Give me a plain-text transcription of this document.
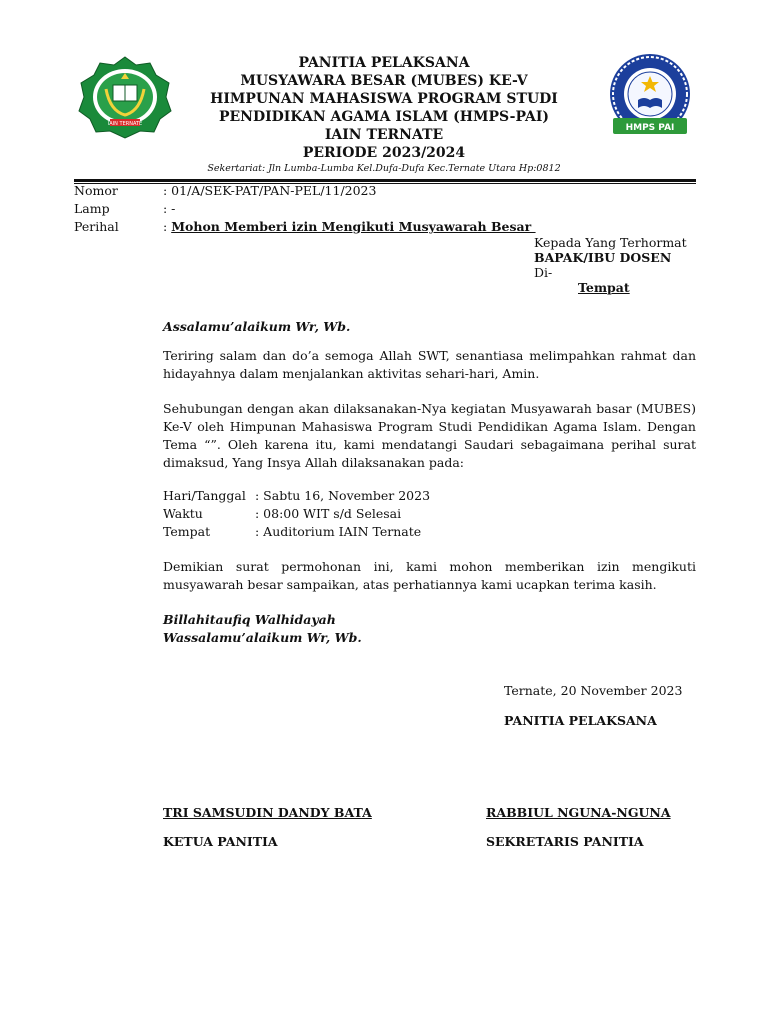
IAIN TERNATE	HMPS PAI
PANITIA PELAKSANA
MUSYAWARA BESAR (MUBES) KE-V
HIMPUNAN MAHASISWA PROGRAM STUDI
PENDIDIKAN AGAMA ISLAM (HMPS-PAI)
IAIN TERNATE
PERIODE 2023/2024
Sekertariat: Jln Lumba-Lumba Kel.Dufa-Dufa Kec.Ternate Utara Hp:0812
Nomor	: 01/A/SEK-PAT/PAN-PEL/11/2023
Lamp	: -
Perihal	: Mohon Memberi izin Mengikuti Musyawarah Besar
Kepada Yang Terhormat
BAPAK/IBU DOSEN
Di-
Tempat
Assalamu’alaikum Wr, Wb.
Teriring salam dan do’a semoga Allah SWT, senantiasa melimpahkan rahmat dan hidayahnya dalam menjalankan aktivitas sehari-hari, Amin.
Sehubungan dengan akan dilaksanakan-Nya kegiatan Musyawarah basar (MUBES) Ke-V oleh Himpunan Mahasiswa Program Studi Pendidikan Agama Islam. Dengan Tema “”. Oleh karena itu, kami mendatangi Saudari sebagaimana perihal surat dimaksud, Yang Insya Allah dilaksanakan pada:
Hari/Tanggal : Sabtu 16, November 2023
Waktu	: 08:00 WIT s/d Selesai
Tempat	: Auditorium IAIN Ternate
Demikian surat permohonan ini, kami mohon memberikan izin mengikuti musyawarah besar sampaikan, atas perhatiannya kami ucapkan terima kasih.
Billahitaufiq Walhidayah
Wassalamu’alaikum Wr, Wb.
Ternate, 20 November 2023
PANITIA PELAKSANA
TRI SAMSUDIN DANDY BATA
KETUA PANITIA
RABBIUL NGUNA-NGUNA
SEKRETARIS PANITIA
